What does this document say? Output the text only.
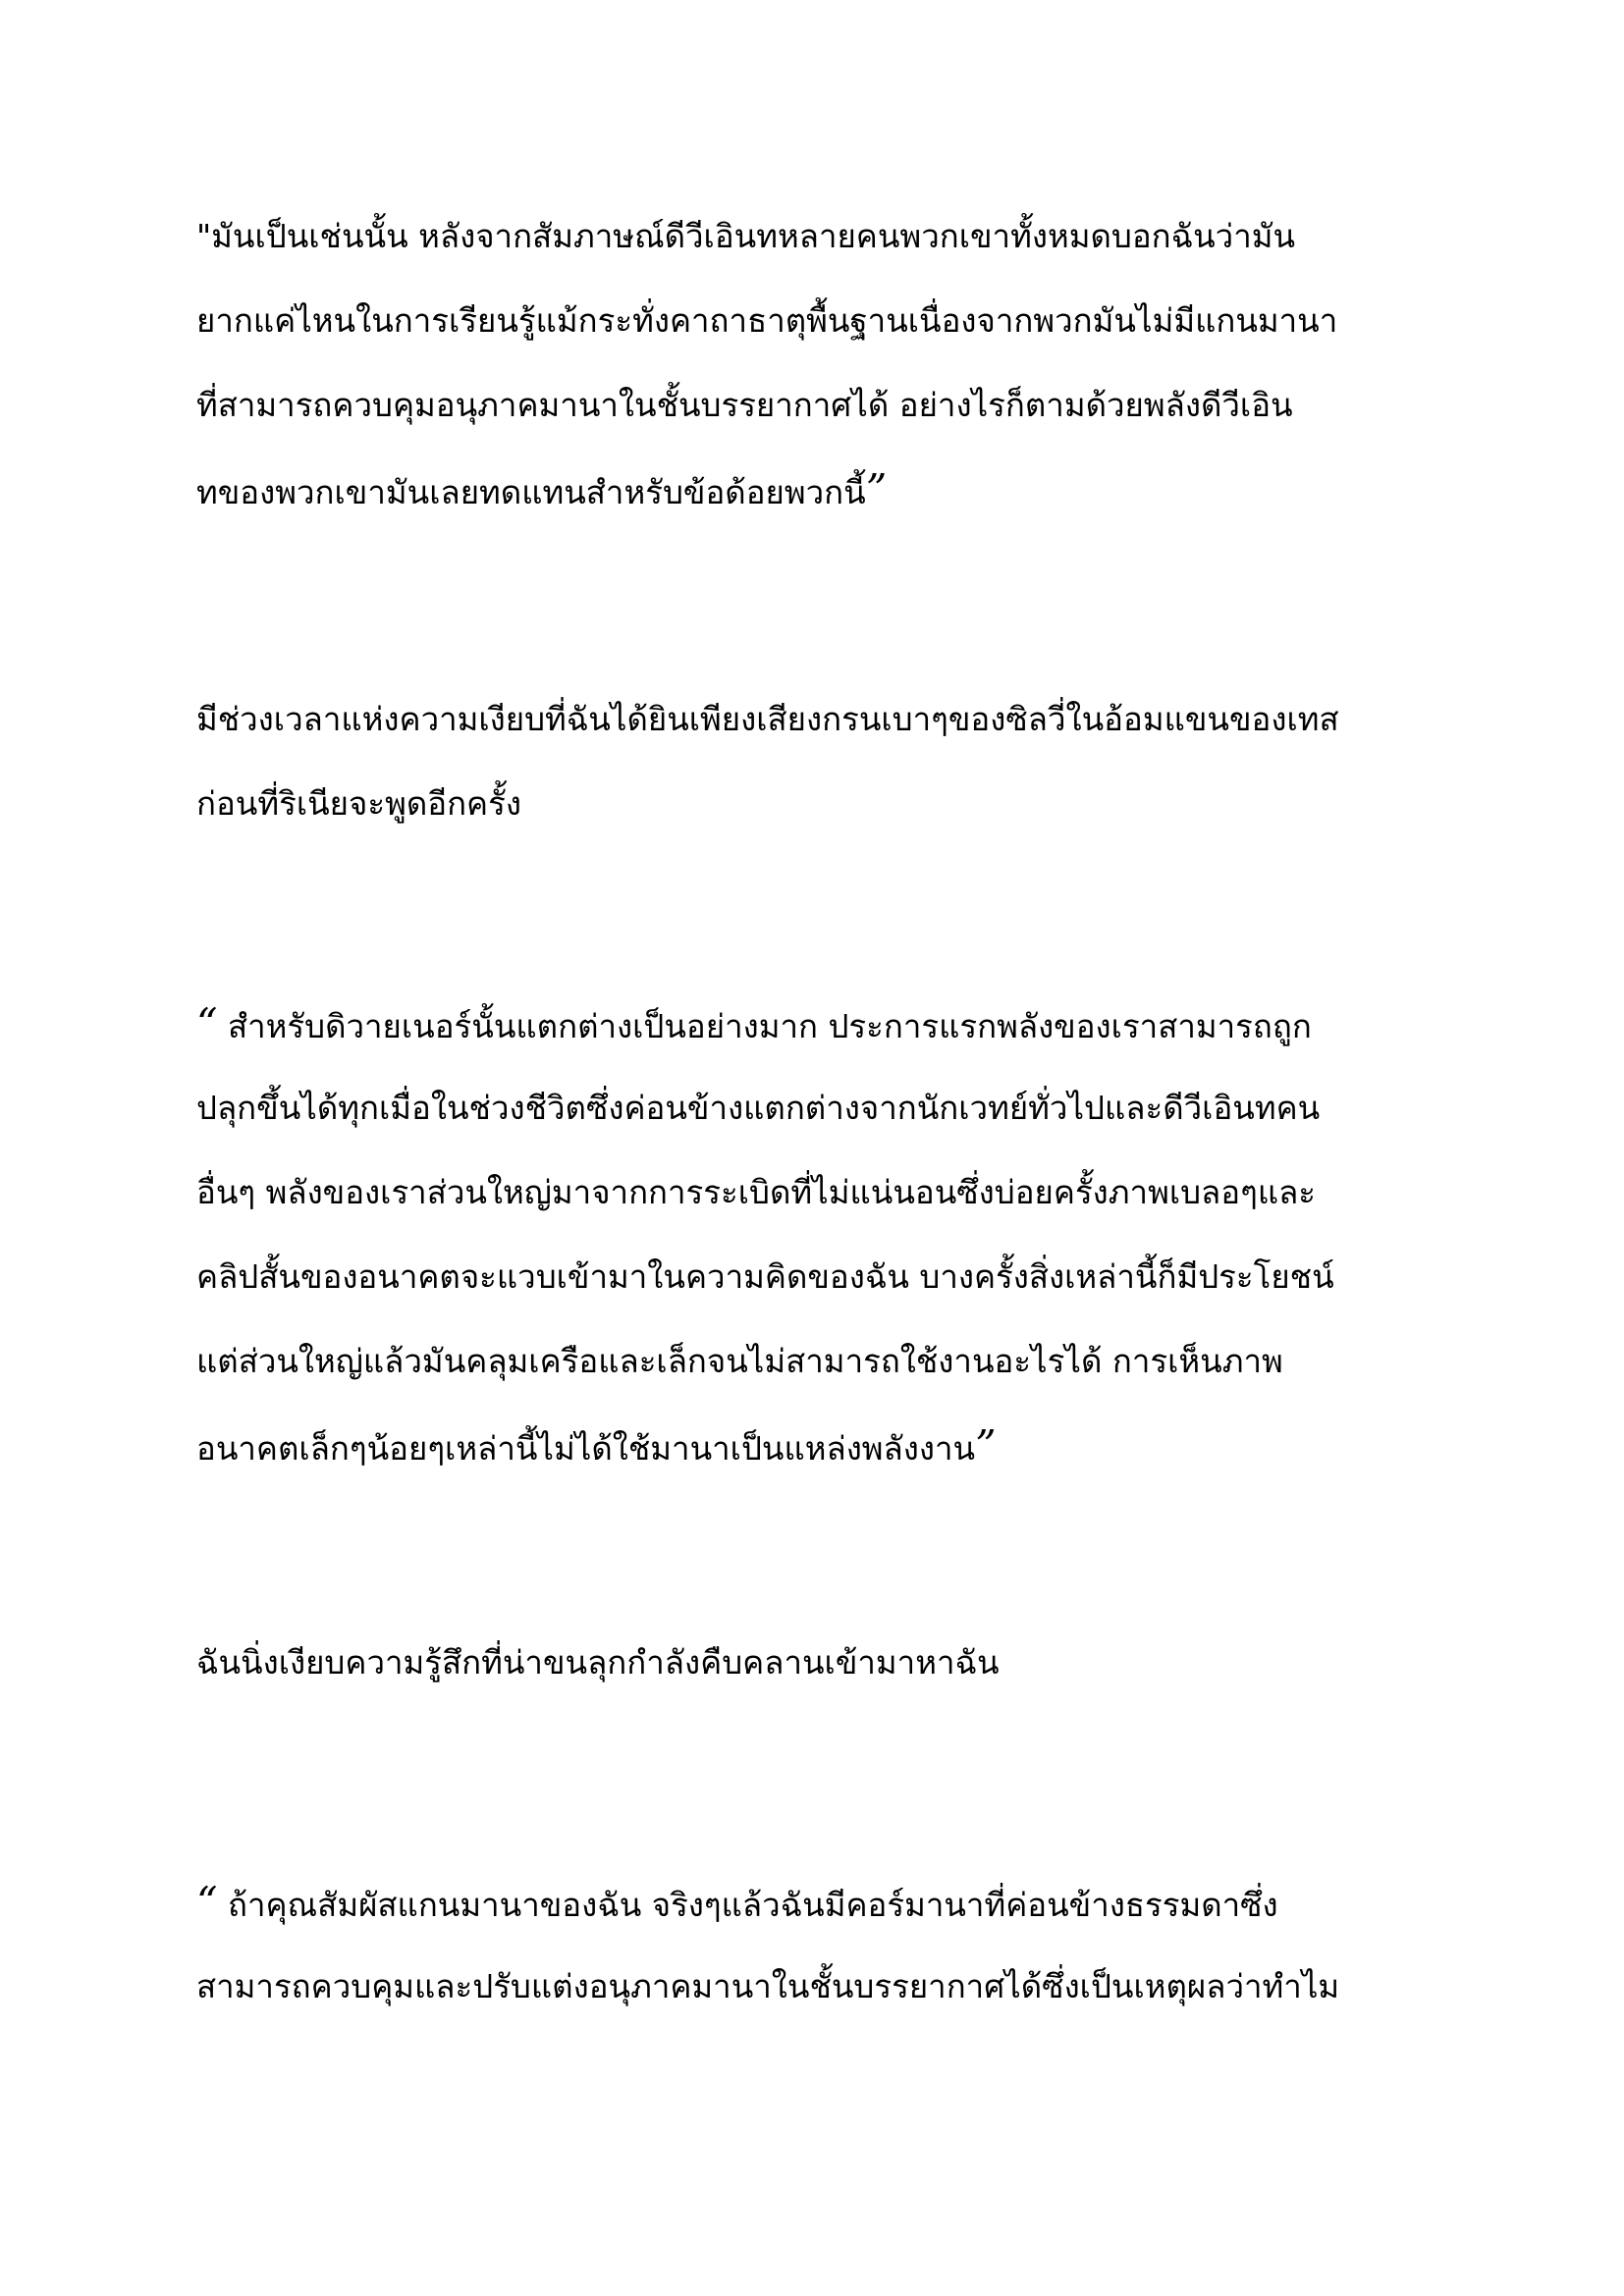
"มันเป็นเช่นนั้น หลังจากสัมภาษณ์ดีวีเอินทหลายคนพวกเขาทั้งหมดบอกฉันว่ามัน
ยากแค่ไหนในการเรียนรู้แม้กระทั่งคาถาธาตุพื้นฐานเนื่องจากพวกมันไม่มีแกนมานา
ที่สามารถควบคุมอนุภาคมานาในชั้นบรรยากาศได้ อย่างไรก็ตามด้วยพลังดีวีเอิน
ทของพวกเขามันเลยทดแทนสำหรับข้อด้อยพวกนี้”
มีช่วงเวลาแห่งความเงียบที่ฉันได้ยินเพียงเสียงกรนเบาๆของซิลวี่ในอ้อมแขนของเทส
ก่อนที่ริเนียจะพูดอีกครั้ง
“ สำหรับดิวายเนอร์นั้นแตกต่างเป็นอย่างมาก ประการแรกพลังของเราสามารถถูก
ปลุกขึ้นได้ทุกเมื่อในช่วงชีวิตซึ่งค่อนข้างแตกต่างจากนักเวทย์ทั่วไปและดีวีเอินทคน
อื่นๆ พลังของเราส่วนใหญ่มาจากการระเบิดที่ไม่แน่นอนซึ่งบ่อยครั้งภาพเบลอๆและ
คลิปสั้นของอนาคตจะแวบเข้ามาในความคิดของฉัน บางครั้งสิ่งเหล่านี้ก็มีประโยชน์
แต่ส่วนใหญ่แล้วมันคลุมเครือและเล็กจนไม่สามารถใช้งานอะไรได้ การเห็นภาพ
อนาคตเล็กๆน้อยๆเหล่านี้ไม่ได้ใช้มานาเป็นแหล่งพลังงาน”
ฉันนิ่งเงียบความรู้สึกที่น่าขนลุกกำลังคืบคลานเข้ามาหาฉัน
“ ถ้าคุณสัมผัสแกนมานาของฉัน จริงๆแล้วฉันมีคอร์มานาที่ค่อนข้างธรรมดาซึ่ง
สามารถควบคุมและปรับแต่งอนุภาคมานาในชั้นบรรยากาศได้ซึ่งเป็นเหตุผลว่าทำไม
